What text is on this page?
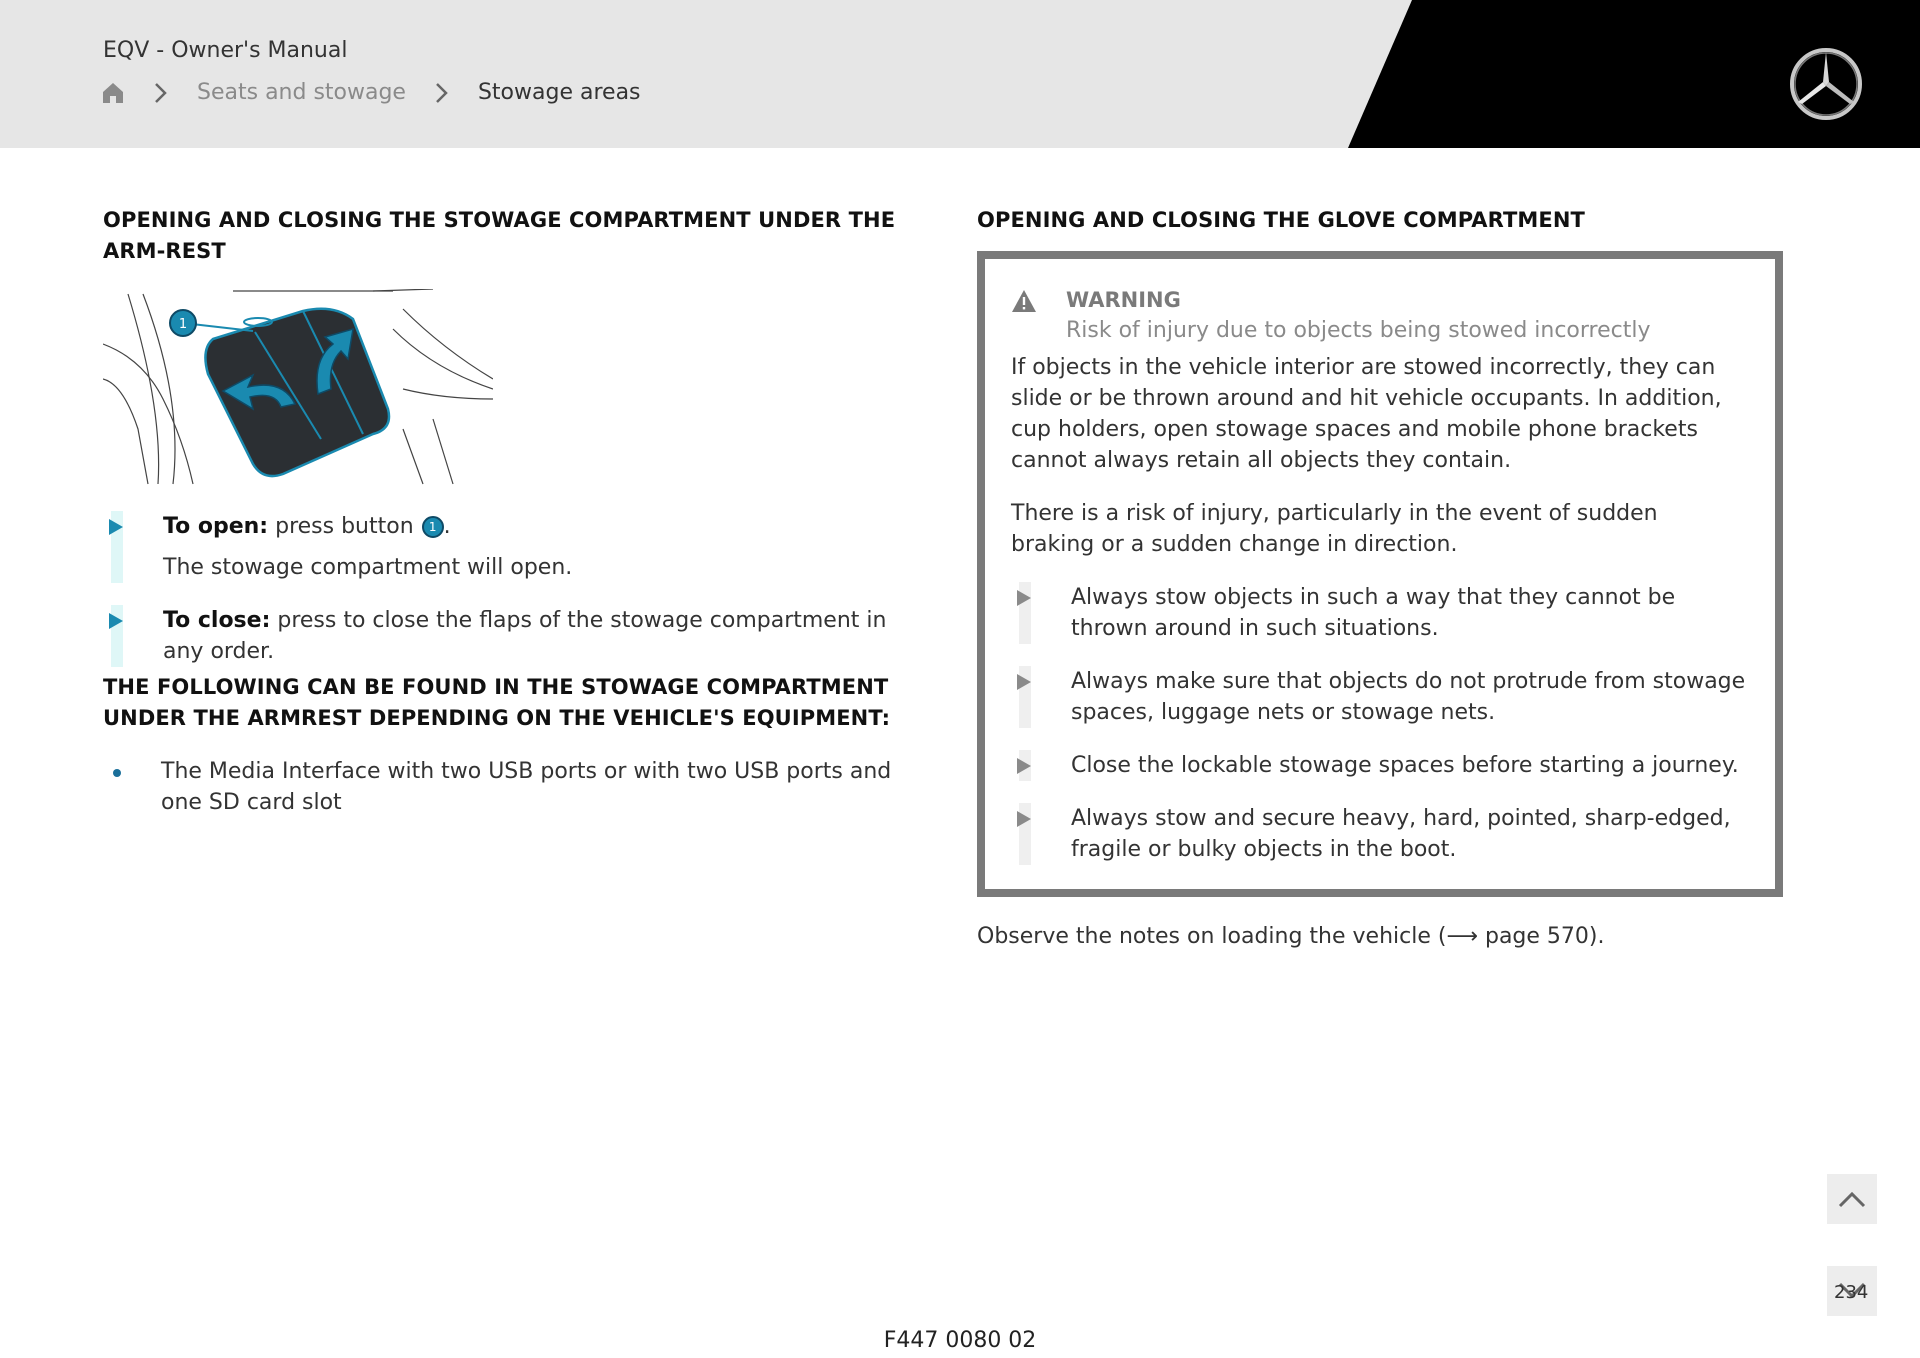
EQV - Owner's Manual
Seats and stowage	Stowage areas
OPENING AND CLOSING THE STOWAGE COMPARTMENT UNDER THE ARM-REST
1
To open: press button 1 .
The stowage compartment will open.
To close: press to close the flaps of the stowage compartment in any order.
THE FOLLOWING CAN BE FOUND IN THE STOWAGE COMPARTMENT UNDER THE ARMREST DEPENDING ON THE VEHICLE'S EQUIPMENT:
The Media Interface with two USB ports or with two USB ports and one SD card slot
OPENING AND CLOSING THE GLOVE COMPARTMENT
WARNING
Risk of injury due to objects being stowed incorrectly
If objects in the vehicle interior are stowed incorrectly, they can slide or be thrown around and hit vehicle occupants. In addition, cup holders, open stowage spaces and mobile phone brackets cannot always retain all objects they contain.
There is a risk of injury, particularly in the event of sudden braking or a sudden change in direction.
Always stow objects in such a way that they cannot be thrown around in such situations.
Always make sure that objects do not protrude from stowage spaces, luggage nets or stowage nets.
Close the lockable stowage spaces before starting a journey.
Always stow and secure heavy, hard, pointed, sharp-edged, fragile or bulky objects in the boot.
Observe the notes on loading the vehicle (⟶ page 570).
234
F447 0080 02
